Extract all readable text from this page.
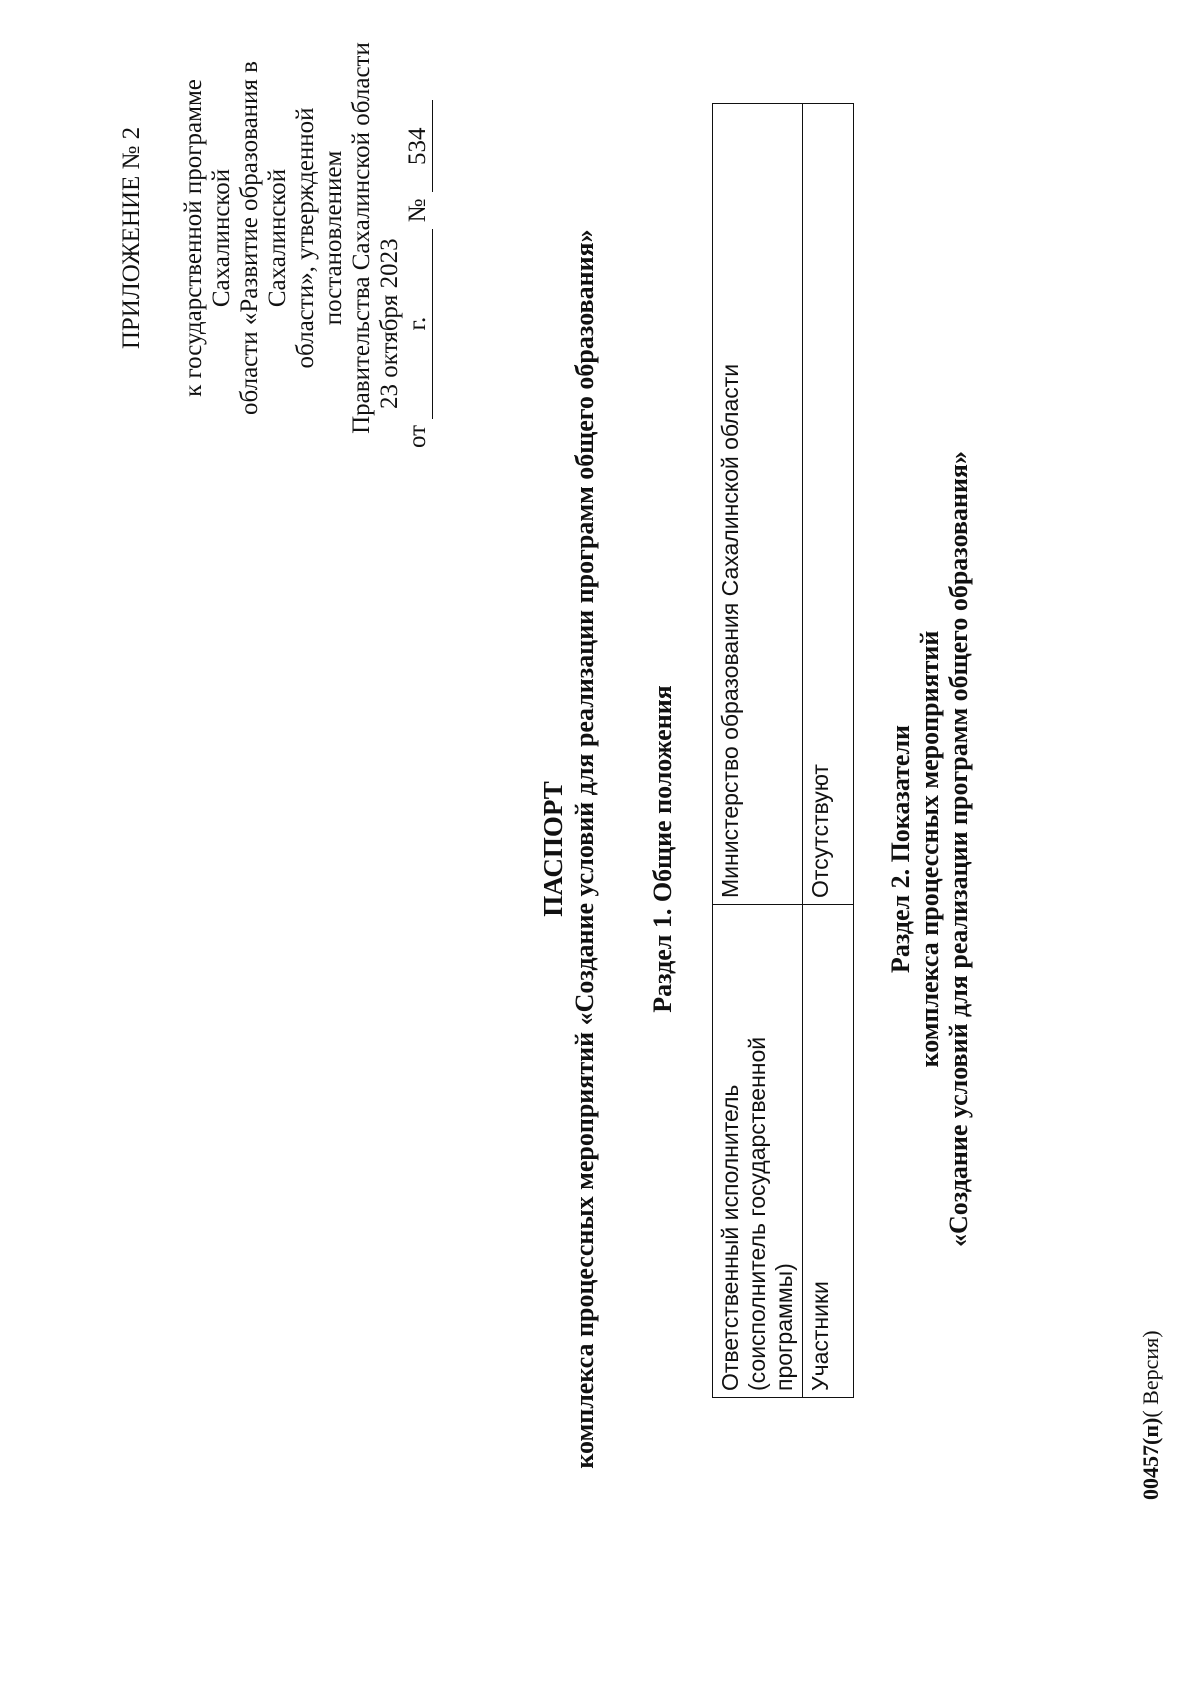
ПРИЛОЖЕНИЕ № 2 к государственной программе Сахалинской области «Развитие образования в Сахалинской области», утвержденной постановлением Правительства Сахалинской области
от 23 октября 2023 г. № 534
ПАСПОРТ комплекса процессных мероприятий «Создание условий для реализации программ общего образования» Раздел 1. Общие положения
Ответственный исполнитель (соисполнитель государственной программы)	Министерство образования Сахалинской области
Участники	Отсутствуют Раздел 2. Показатели комплекса процессных мероприятий «Создание условий для реализации программ общего образования»
00457(п)( Версия)
